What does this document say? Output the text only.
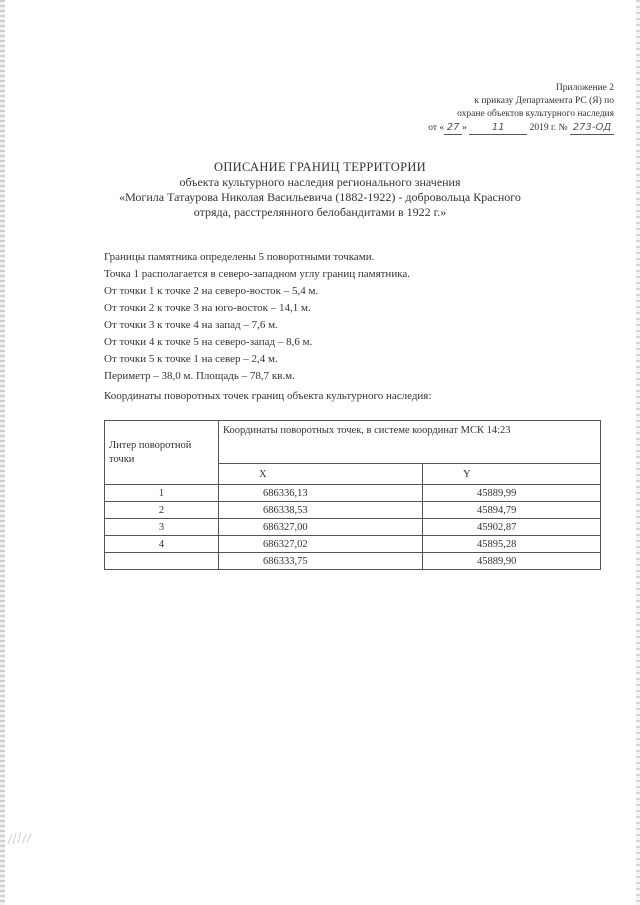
Приложение 2
к приказу Департамента РС (Я) по
охране объектов культурного наследия
от « 27 »	11	2019 г. № 273-ОД
ОПИСАНИЕ ГРАНИЦ ТЕРРИТОРИИ
объекта культурного наследия регионального значения
«Могила Татаурова Николая Васильевича (1882-1922) - добровольца Красного
отряда, расстрелянного белобандитами в 1922 г.»

Границы памятника определены 5 поворотными точками.

Точка 1 располагается в северо-западном углу границ памятника.

От точки 1 к точке 2 на северо-восток – 5,4 м.

От точки 2 к точке 3 на юго-восток – 14,1 м.

От точки 3 к точке 4 на запад – 7,6 м.

От точки 4 к точке 5 на северо-запад – 8,6 м.

От точки 5 к точке 1 на север – 2,4 м.

Периметр – 38,0 м. Площадь – 78,7 кв.м.

Координаты поворотных точек границ объекта культурного наследия:
Литер поворотной точки	Координаты поворотных точек, в системе координат МСК 14:23	
	X	Y
1	686336,13	45889,99
2	686338,53	45894,79
3	686327,00	45902,87
4	686327,02	45895,28
	686333,75	45889,90
